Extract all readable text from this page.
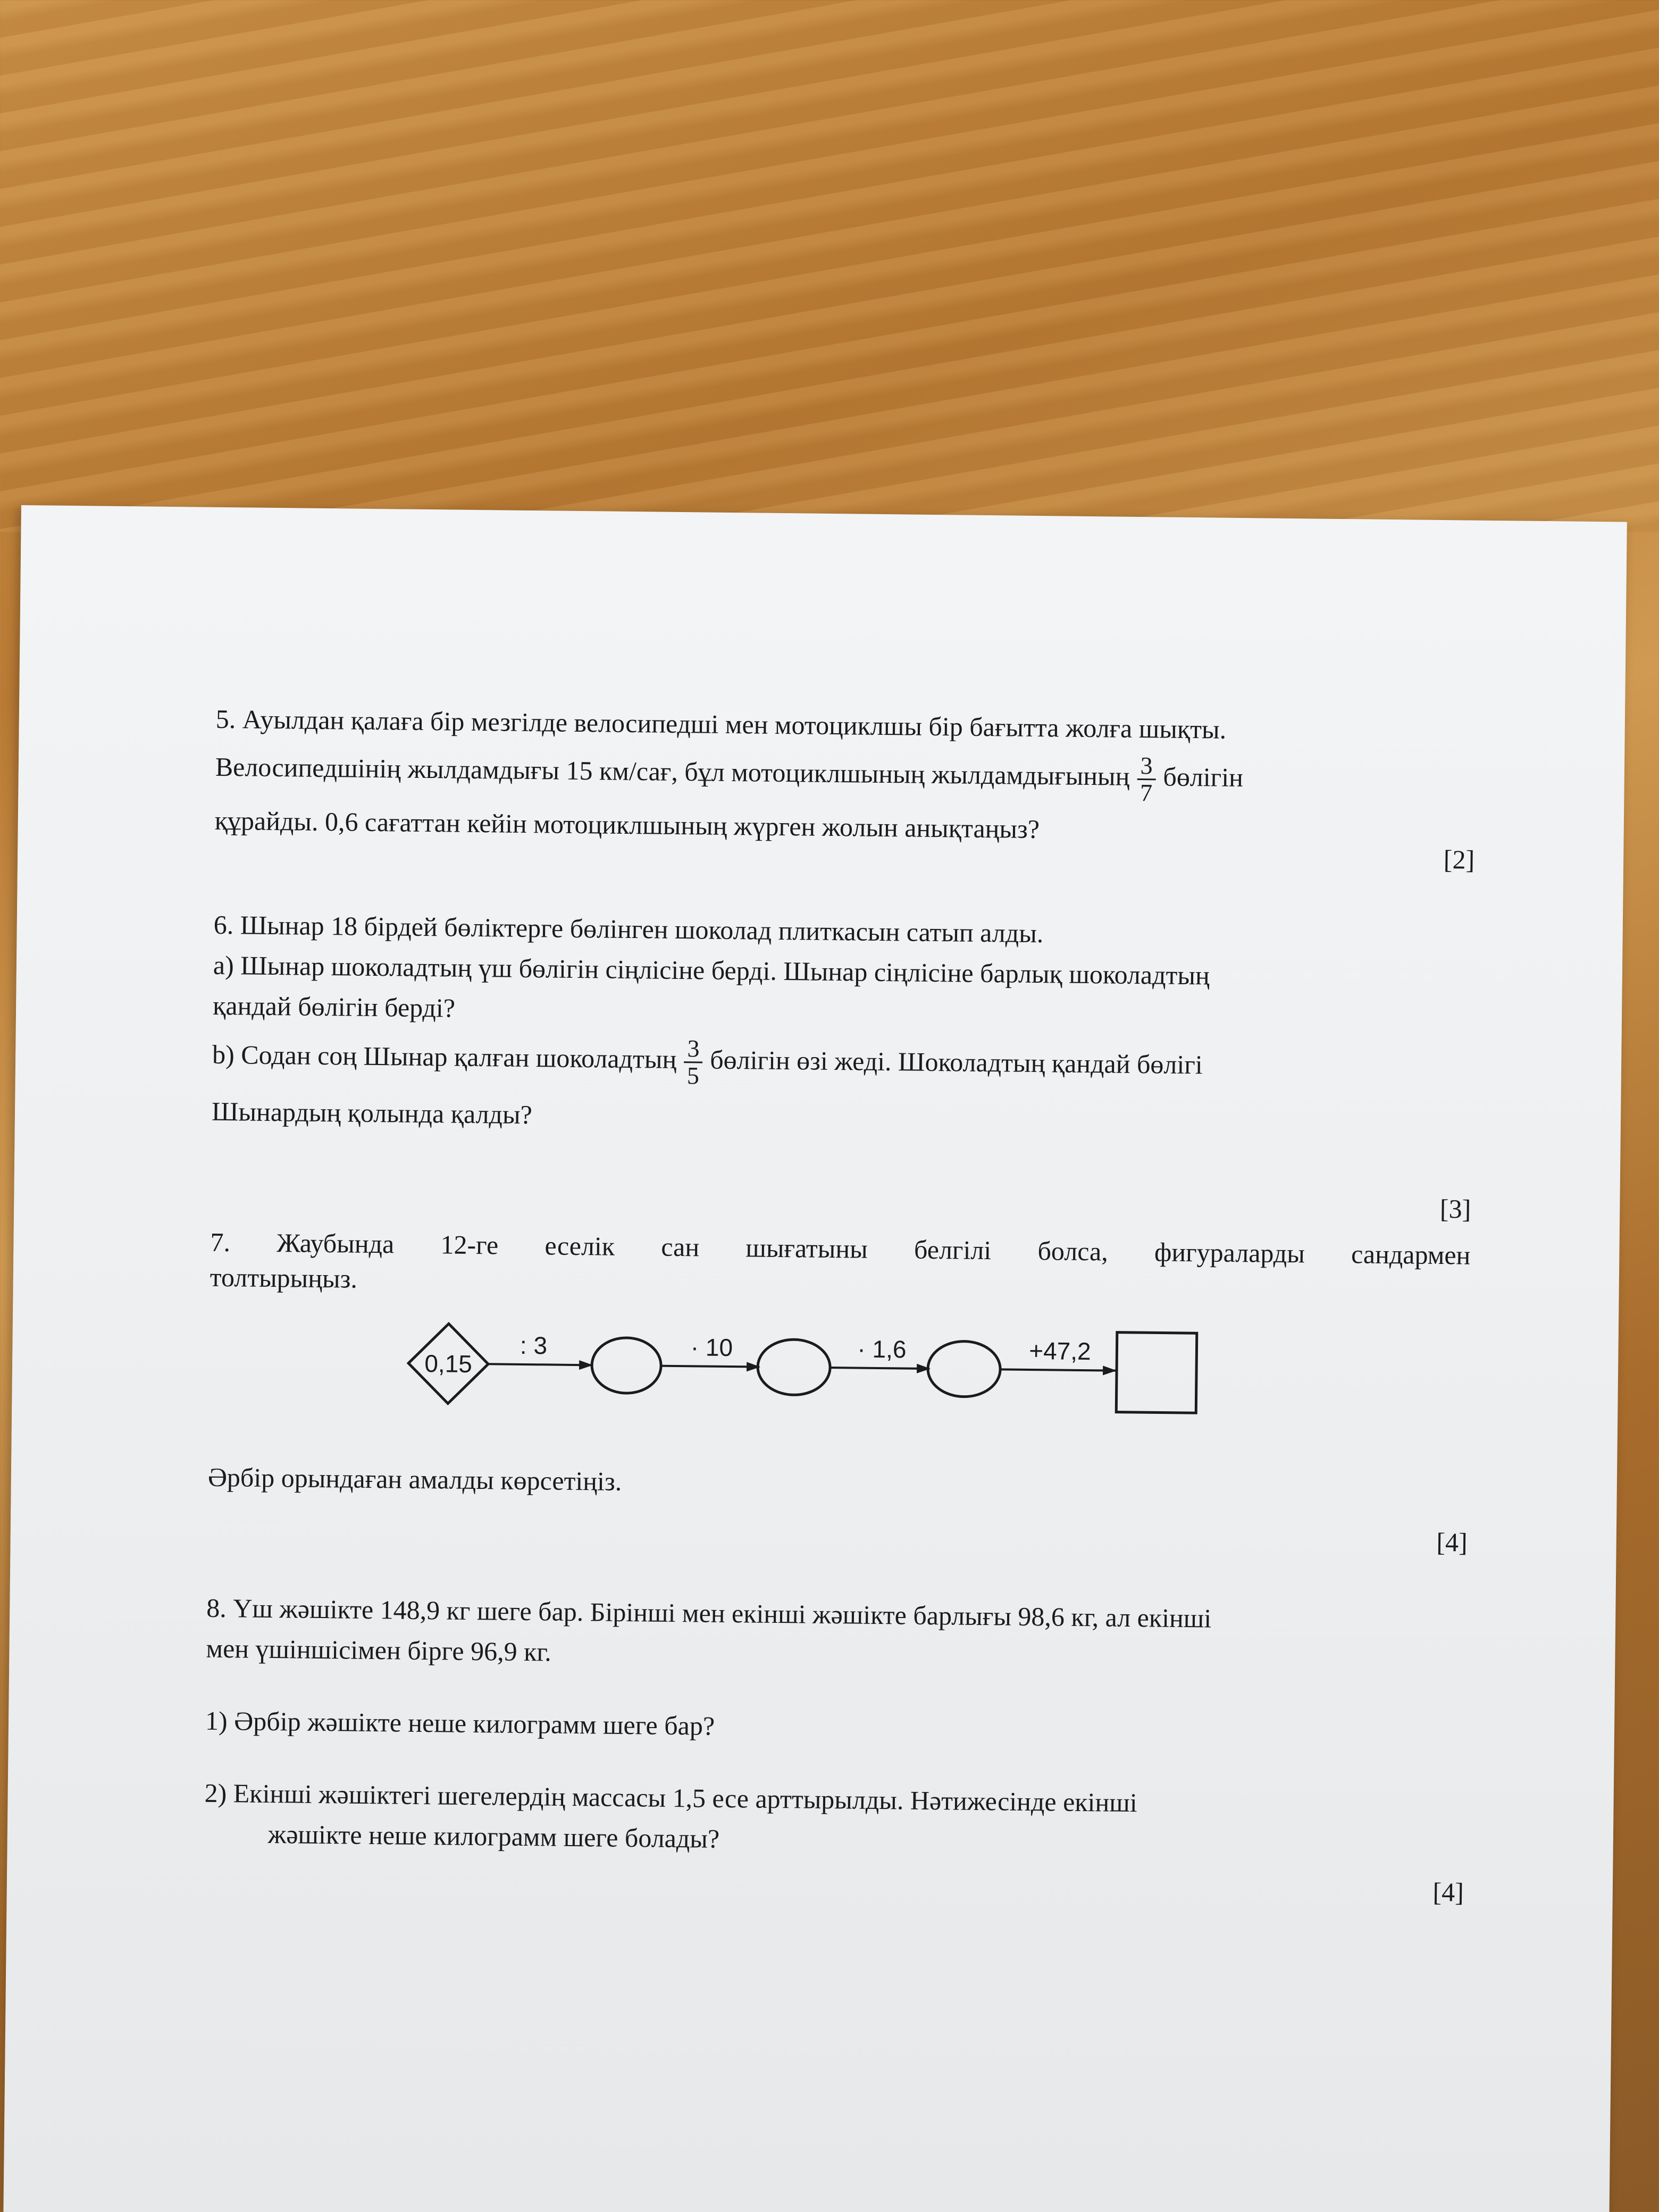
5. Ауылдан қалаға бір мезгілде велосипедші мен мотоциклшы бір бағытта жолға шықты.
Велосипедшінің жылдамдығы 15 км/сағ, бұл мотоциклшының жылдамдығының $\frac{3}{7}$ бөлігін
құрайды. 0,6 сағаттан кейін мотоциклшының жүрген жолын анықтаңыз?
[2]
6. Шынар 18 бірдей бөліктерге бөлінген шоколад плиткасын сатып алды.
a) Шынар шоколадтың үш бөлігін сіңлісіне берді. Шынар сіңлісіне барлық шоколадтың
қандай бөлігін берді?
b) Содан соң Шынар қалған шоколадтың $\frac{3}{5}$ бөлігін өзі жеді. Шоколадтың қандай бөлігі
Шынардың қолында қалды?
[3]
7. Жаубында 12-ге еселік сан шығатыны белгілі болса, фигураларды сандармен
толтырыңыз.
0,15
: 3	· 10	· 1,6	+47,2
Әрбір орындаған амалды көрсетіңіз.
[4]
8. Үш жәшікте 148,9 кг шеге бар. Бірінші мен екінші жәшікте барлығы 98,6 кг, ал екінші
мен үшіншісімен бірге 96,9 кг.
1) Әрбір жәшікте неше килограмм шеге бар?
2) Екінші жәшіктегі шегелердің массасы 1,5 есе арттырылды. Нәтижесінде екінші
жәшікте неше килограмм шеге болады?
[4]
